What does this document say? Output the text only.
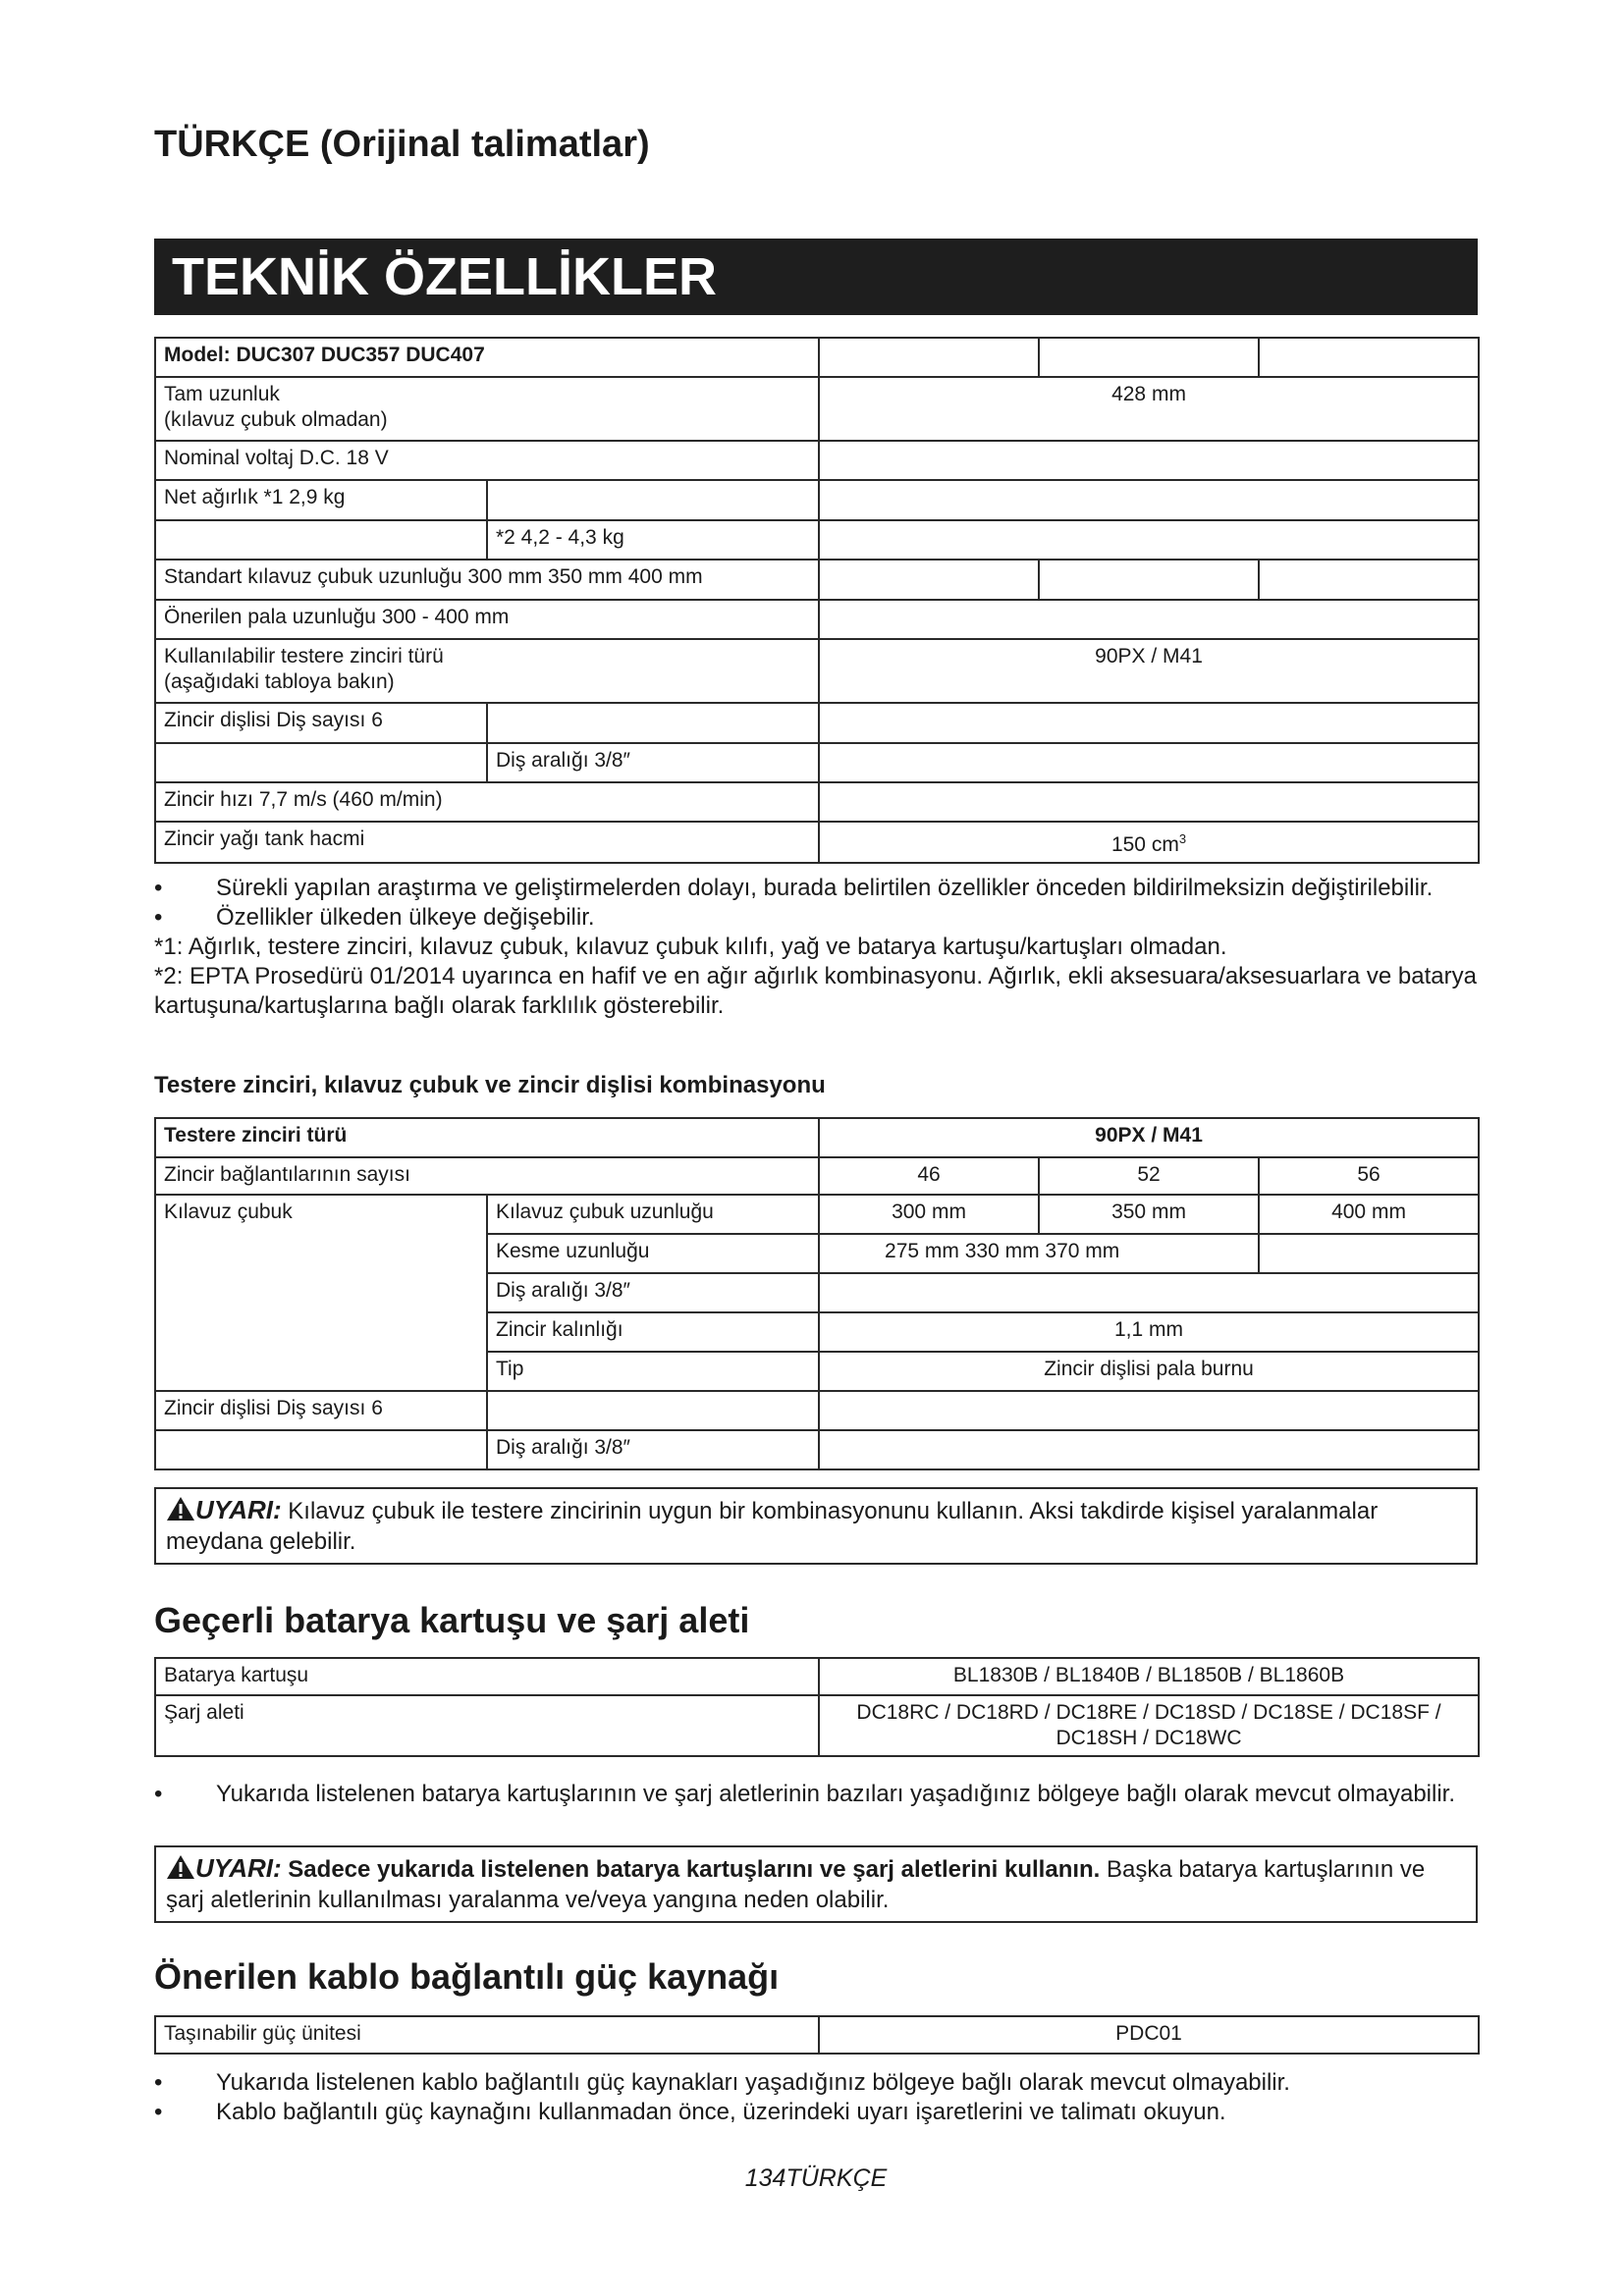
TÜRKÇE (Orijinal talimatlar)
TEKNİK ÖZELLİKLER
Model: DUC307 DUC357 DUC407				
Tam uzunluk
(kılavuz çubuk olmadan)		428 mm		
Nominal voltaj D.C. 18 V				
Net ağırlık *1 2,9 kg				
	*2 4,2 - 4,3 kg			
Standart kılavuz çubuk uzunluğu 300 mm 350 mm 400 mm				
Önerilen pala uzunluğu 300 - 400 mm				
Kullanılabilir testere zinciri türü
(aşağıdaki tabloya bakın)		90PX / M41		
Zincir dişlisi Diş sayısı 6				
	Diş aralığı 3/8″			
Zincir hızı 7,7 m/s (460 m/min)				
Zincir yağı tank hacmi		150 $cm^3$
•	Sürekli yapılan araştırma ve geliştirmelerden dolayı, burada belirtilen özellikler önceden bildirilmeksizin değiştirilebilir.
•	Özellikler ülkeden ülkeye değişebilir.

*1: Ağırlık, testere zinciri, kılavuz çubuk, kılavuz çubuk kılıfı, yağ ve batarya kartuşu/kartuşları olmadan.

*2: EPTA Prosedürü 01/2014 uyarınca en hafif ve en ağır ağırlık kombinasyonu. Ağırlık, ekli aksesuara/aksesuarlara ve batarya kartuşuna/kartuşlarına bağlı olarak farklılık gösterebilir.

Testere zinciri, kılavuz çubuk ve zincir dişlisi kombinasyonu
Testere zinciri türü		90PX / M41		
Zincir bağlantılarının sayısı		46	52	56
Kılavuz çubuk	Kılavuz çubuk uzunluğu	300 mm	350 mm	400 mm
	Kesme uzunluğu	275 mm 330 mm 370 mm		
	Diş aralığı 3/8″			
	Zincir kalınlığı	1,1 mm		
	Tip	Zincir dişlisi pala burnu		
Zincir dişlisi Diş sayısı 6				
	Diş aralığı 3/8″			
UYARI: Kılavuz çubuk ile testere zincirinin uygun bir kombinasyonunu kullanın. Aksi takdirde kişisel yaralanmalar meydana gelebilir.
Geçerli batarya kartuşu ve şarj aleti
Batarya kartuşu	BL1830B / BL1840B / BL1850B / BL1860B
Şarj aleti	DC18RC / DC18RD / DC18RE / DC18SD / DC18SE / DC18SF / DC18SH / DC18WC
•	Yukarıda listelenen batarya kartuşlarının ve şarj aletlerinin bazıları yaşadığınız bölgeye bağlı olarak mevcut olmayabilir.
UYARI: Sadece yukarıda listelenen batarya kartuşlarını ve şarj aletlerini kullanın. Başka batarya kartuşlarının ve şarj aletlerinin kullanılması yaralanma ve/veya yangına neden olabilir.
Önerilen kablo bağlantılı güç kaynağı
Taşınabilir güç ünitesi	PDC01
•	Yukarıda listelenen kablo bağlantılı güç kaynakları yaşadığınız bölgeye bağlı olarak mevcut olmayabilir.
•	Kablo bağlantılı güç kaynağını kullanmadan önce, üzerindeki uyarı işaretlerini ve talimatı okuyun.
134TÜRKÇE
